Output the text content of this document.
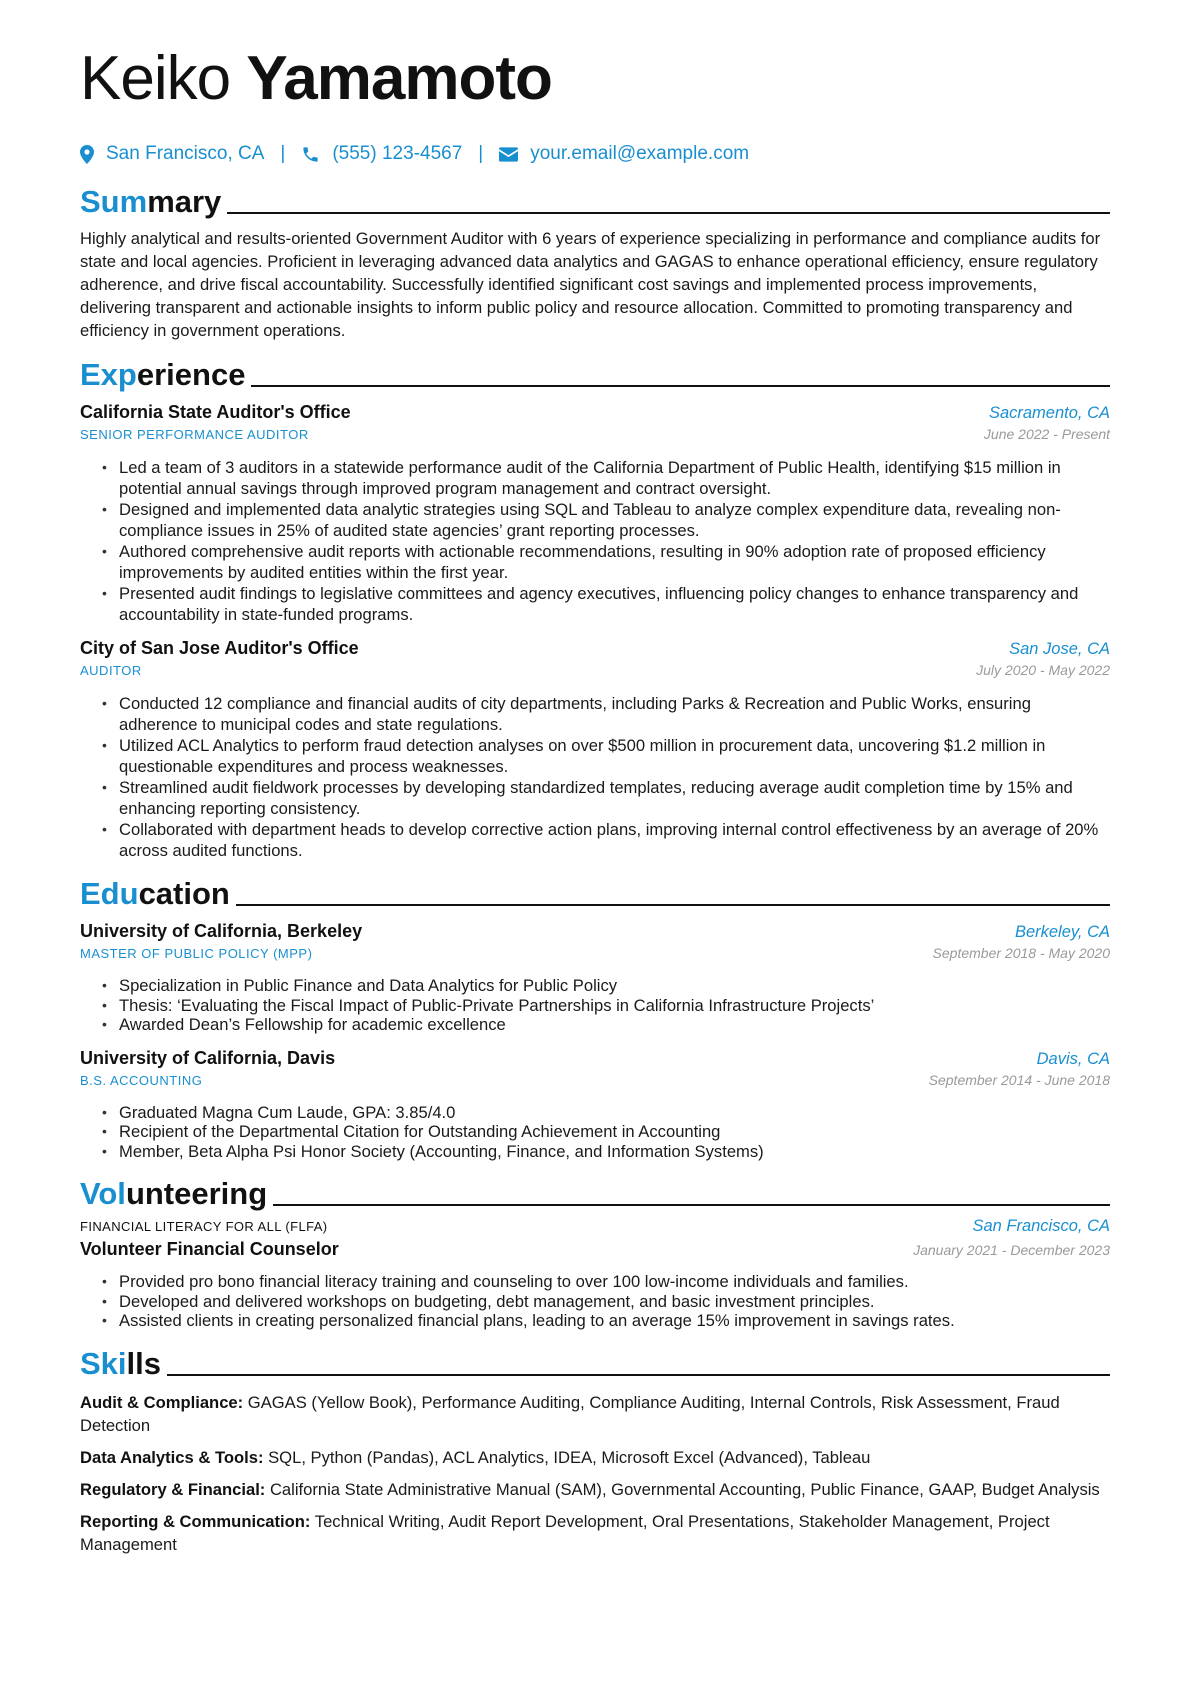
Keiko Yamamoto
San Francisco, CA | (555) 123-4567 | your.email@example.com
Summary

Highly analytical and results-oriented Government Auditor with 6 years of experience specializing in performance and compliance audits for state and local agencies. Proficient in leveraging advanced data analytics and GAGAS to enhance operational efficiency, ensure regulatory adherence, and drive fiscal accountability. Successfully identified significant cost savings and implemented process improvements, delivering transparent and actionable insights to inform public policy and resource allocation. Committed to promoting transparency and efficiency in government operations.

Experience
California State Auditor's Office	Sacramento, CA
SENIOR PERFORMANCE AUDITOR	June 2022 - Present
• Led a team of 3 auditors in a statewide performance audit of the California Department of Public Health, identifying $15 million in potential annual savings through improved program management and contract oversight.
• Designed and implemented data analytic strategies using SQL and Tableau to analyze complex expenditure data, revealing non-compliance issues in 25% of audited state agencies’ grant reporting processes.
• Authored comprehensive audit reports with actionable recommendations, resulting in 90% adoption rate of proposed efficiency improvements by audited entities within the first year.
• Presented audit findings to legislative committees and agency executives, influencing policy changes to enhance transparency and accountability in state-funded programs.
City of San Jose Auditor's Office	San Jose, CA
AUDITOR	July 2020 - May 2022
• Conducted 12 compliance and financial audits of city departments, including Parks & Recreation and Public Works, ensuring adherence to municipal codes and state regulations.
• Utilized ACL Analytics to perform fraud detection analyses on over $500 million in procurement data, uncovering $1.2 million in questionable expenditures and process weaknesses.
• Streamlined audit fieldwork processes by developing standardized templates, reducing average audit completion time by 15% and enhancing reporting consistency.
• Collaborated with department heads to develop corrective action plans, improving internal control effectiveness by an average of 20% across audited functions.
Education
University of California, Berkeley	Berkeley, CA
MASTER OF PUBLIC POLICY (MPP)	September 2018 - May 2020
• Specialization in Public Finance and Data Analytics for Public Policy
• Thesis: ‘Evaluating the Fiscal Impact of Public-Private Partnerships in California Infrastructure Projects’
• Awarded Dean’s Fellowship for academic excellence
University of California, Davis	Davis, CA
B.S. ACCOUNTING	September 2014 - June 2018
• Graduated Magna Cum Laude, GPA: 3.85/4.0
• Recipient of the Departmental Citation for Outstanding Achievement in Accounting
• Member, Beta Alpha Psi Honor Society (Accounting, Finance, and Information Systems)
Volunteering
FINANCIAL LITERACY FOR ALL (FLFA)	San Francisco, CA
Volunteer Financial Counselor	January 2021 - December 2023
• Provided pro bono financial literacy training and counseling to over 100 low-income individuals and families.
• Developed and delivered workshops on budgeting, debt management, and basic investment principles.
• Assisted clients in creating personalized financial plans, leading to an average 15% improvement in savings rates.
Skills

Audit & Compliance: GAGAS (Yellow Book), Performance Auditing, Compliance Auditing, Internal Controls, Risk Assessment, Fraud Detection

Data Analytics & Tools: SQL, Python (Pandas), ACL Analytics, IDEA, Microsoft Excel (Advanced), Tableau

Regulatory & Financial: California State Administrative Manual (SAM), Governmental Accounting, Public Finance, GAAP, Budget Analysis

Reporting & Communication: Technical Writing, Audit Report Development, Oral Presentations, Stakeholder Management, Project Management
